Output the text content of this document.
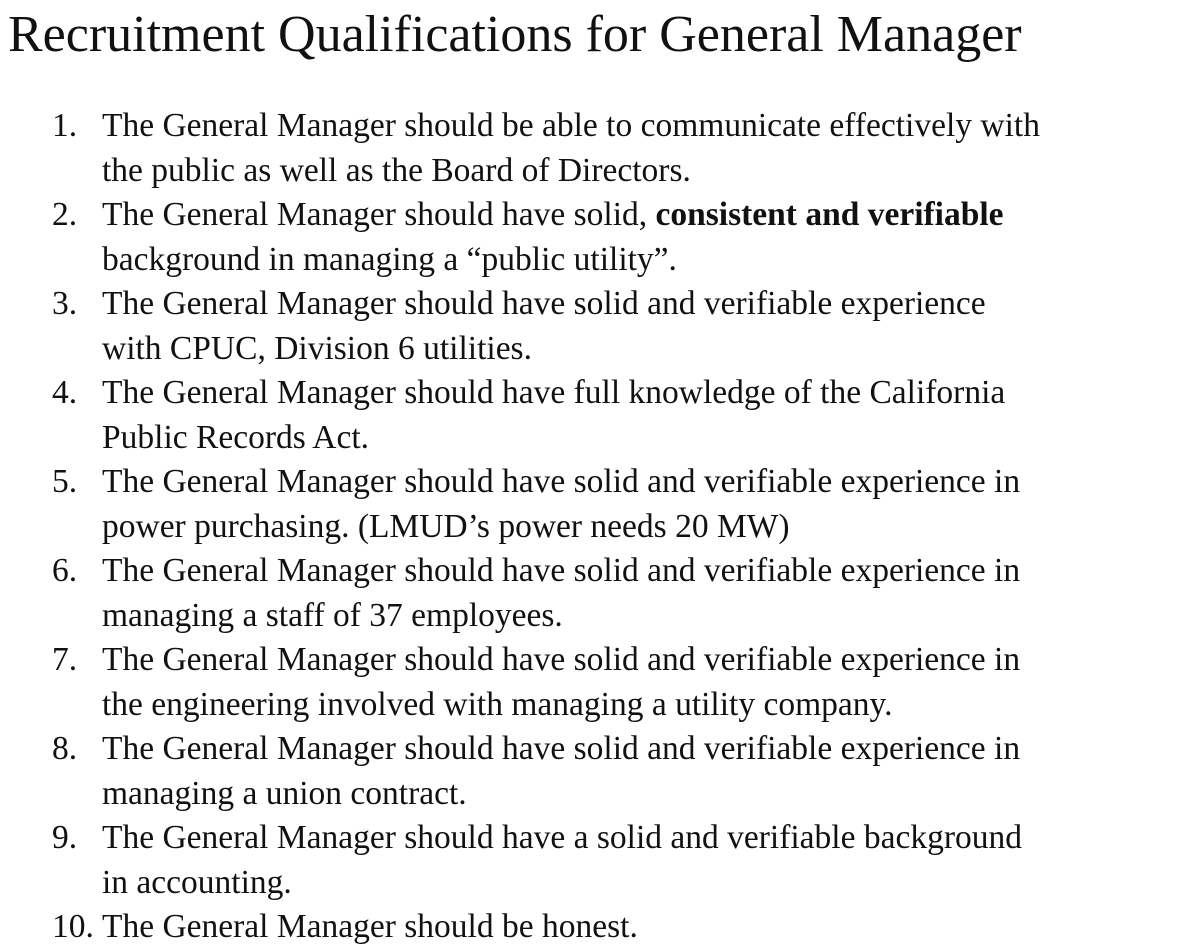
Recruitment Qualifications for General Manager
1. The General Manager should be able to communicate effectively with
the public as well as the Board of Directors.
2. The General Manager should have solid, consistent and verifiable
background in managing a “public utility”.
3. The General Manager should have solid and verifiable experience
with CPUC, Division 6 utilities.
4. The General Manager should have full knowledge of the California
Public Records Act.
5. The General Manager should have solid and verifiable experience in
power purchasing. (LMUD’s power needs 20 MW)
6. The General Manager should have solid and verifiable experience in
managing a staff of 37 employees.
7. The General Manager should have solid and verifiable experience in
the engineering involved with managing a utility company.
8. The General Manager should have solid and verifiable experience in
managing a union contract.
9. The General Manager should have a solid and verifiable background
in accounting.
10. The General Manager should be honest.
